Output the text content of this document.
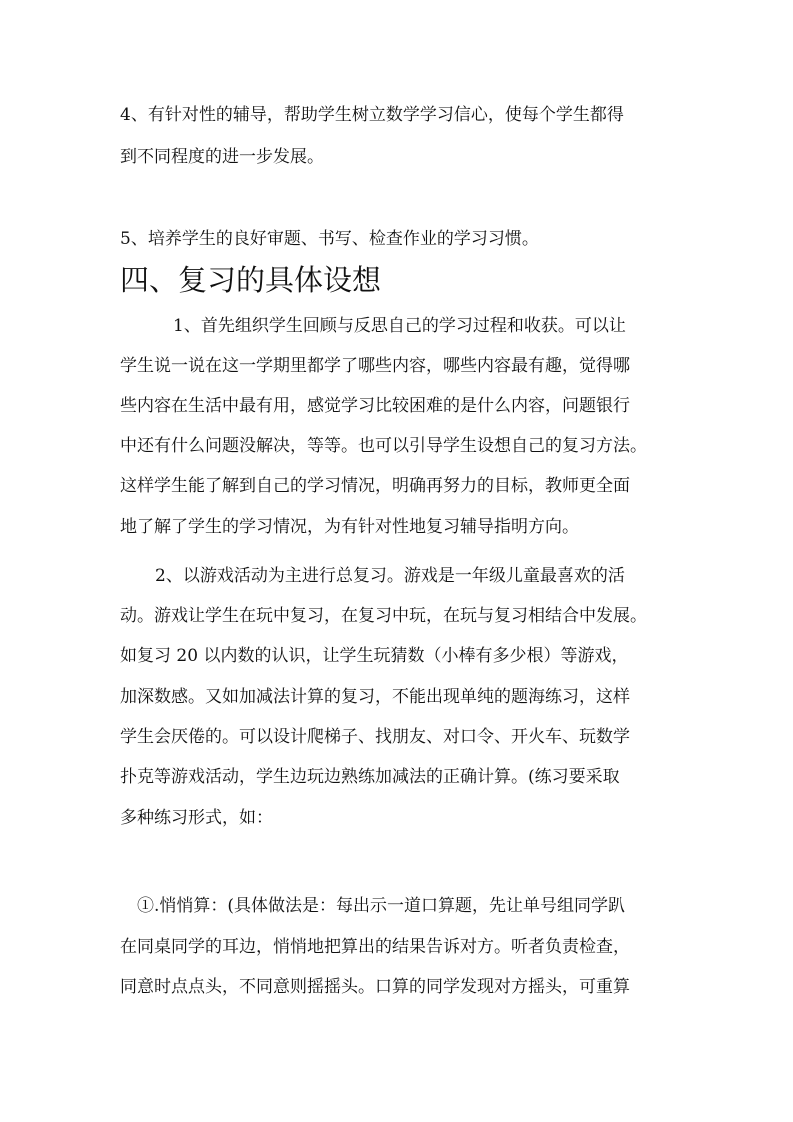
4、有针对性的辅导，帮助学生树立数学学习信心，使每个学生都得

到不同程度的进一步发展。

5、培养学生的良好审题、书写、检查作业的学习习惯。

四、复习的具体设想

1、首先组织学生回顾与反思自己的学习过程和收获。可以让

学生说一说在这一学期里都学了哪些内容，哪些内容最有趣，觉得哪

些内容在生活中最有用，感觉学习比较困难的是什么内容，问题银行

中还有什么问题没解决，等等。也可以引导学生设想自己的复习方法。

这样学生能了解到自己的学习情况，明确再努力的目标，教师更全面

地了解了学生的学习情况，为有针对性地复习辅导指明方向。

2、以游戏活动为主进行总复习。游戏是一年级儿童最喜欢的活

动。游戏让学生在玩中复习，在复习中玩，在玩与复习相结合中发展。

如复习 20 以内数的认识，让学生玩猜数（小棒有多少根）等游戏，

加深数感。又如加减法计算的复习，不能出现单纯的题海练习，这样

学生会厌倦的。可以设计爬梯子、找朋友、对口令、开火车、玩数学

扑克等游戏活动，学生边玩边熟练加减法的正确计算。(练习要采取

多种练习形式，如：

①.悄悄算：(具体做法是：每出示一道口算题，先让单号组同学趴

在同桌同学的耳边，悄悄地把算出的结果告诉对方。听者负责检查，

同意时点点头，不同意则摇摇头。口算的同学发现对方摇头，可重算
